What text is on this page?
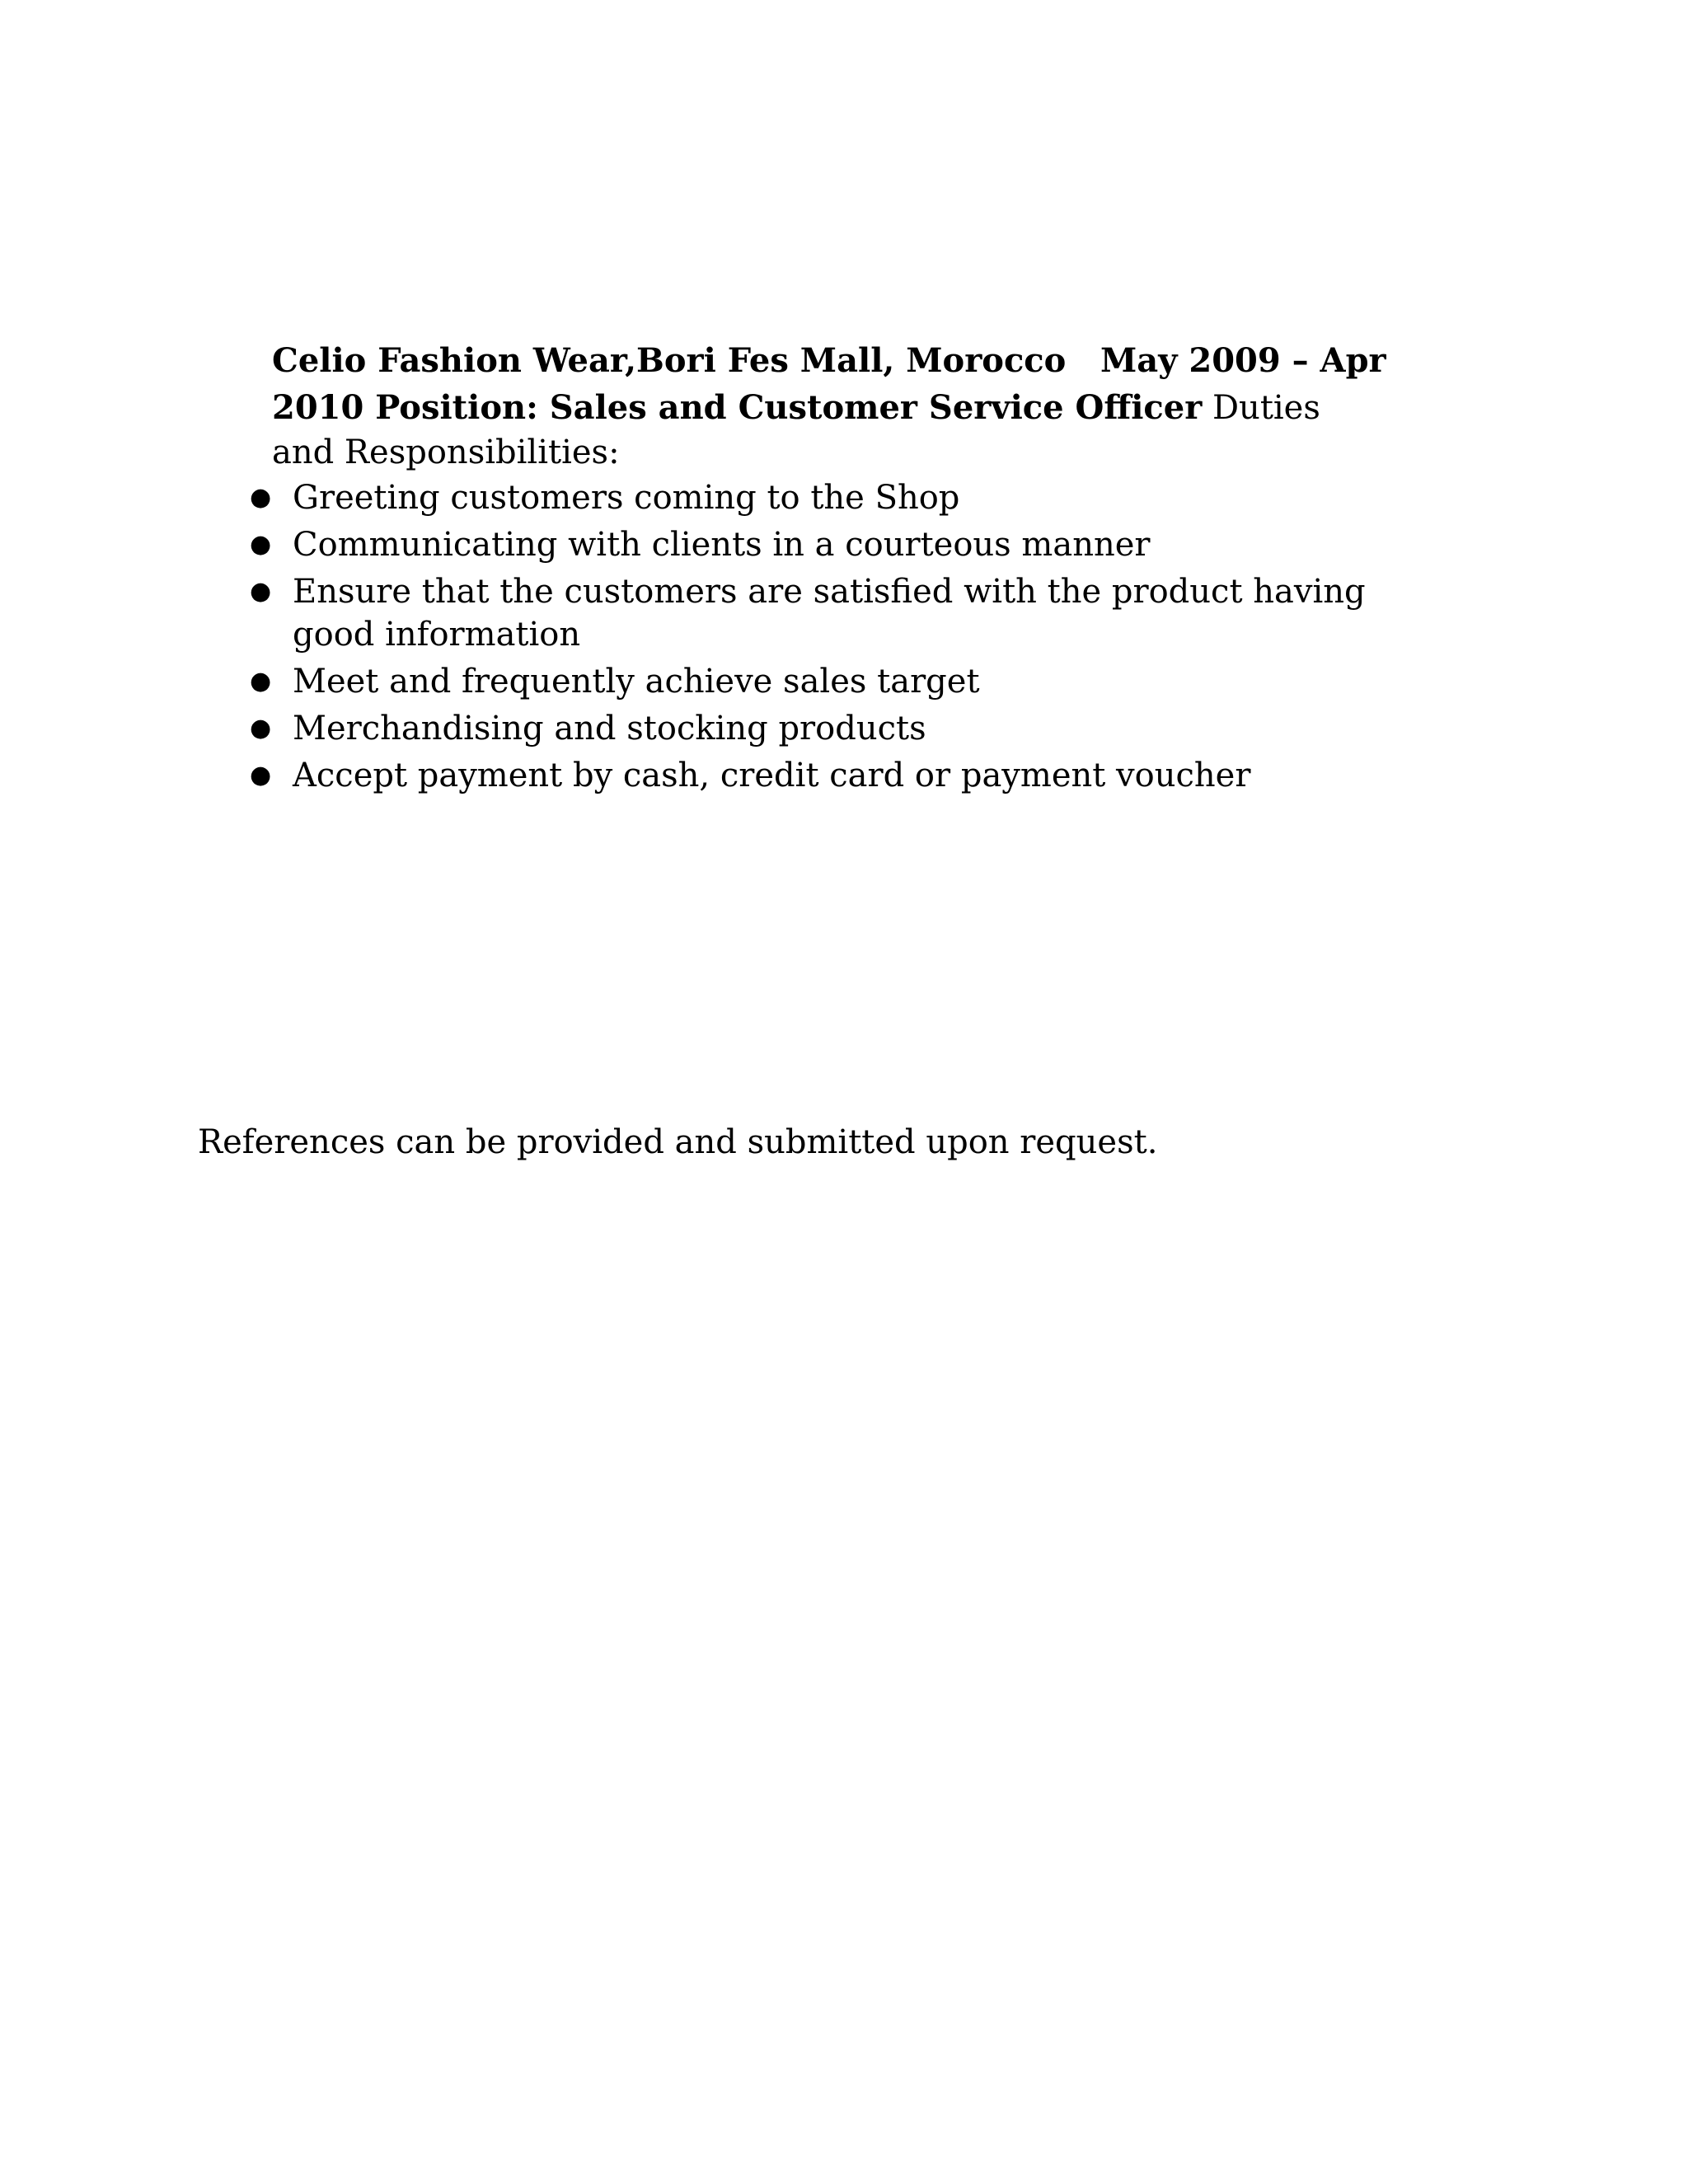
Celio Fashion Wear,Bori Fes Mall, Morocco May 2009 – Apr
2010 Position: Sales and Customer Service Officer Duties
and Responsibilities:
● Greeting customers coming to the Shop
● Communicating with clients in a courteous manner
● Ensure that the customers are satisfied with the product having good information
● Meet and frequently achieve sales target
● Merchandising and stocking products
● Accept payment by cash, credit card or payment voucher
References can be provided and submitted upon request.
